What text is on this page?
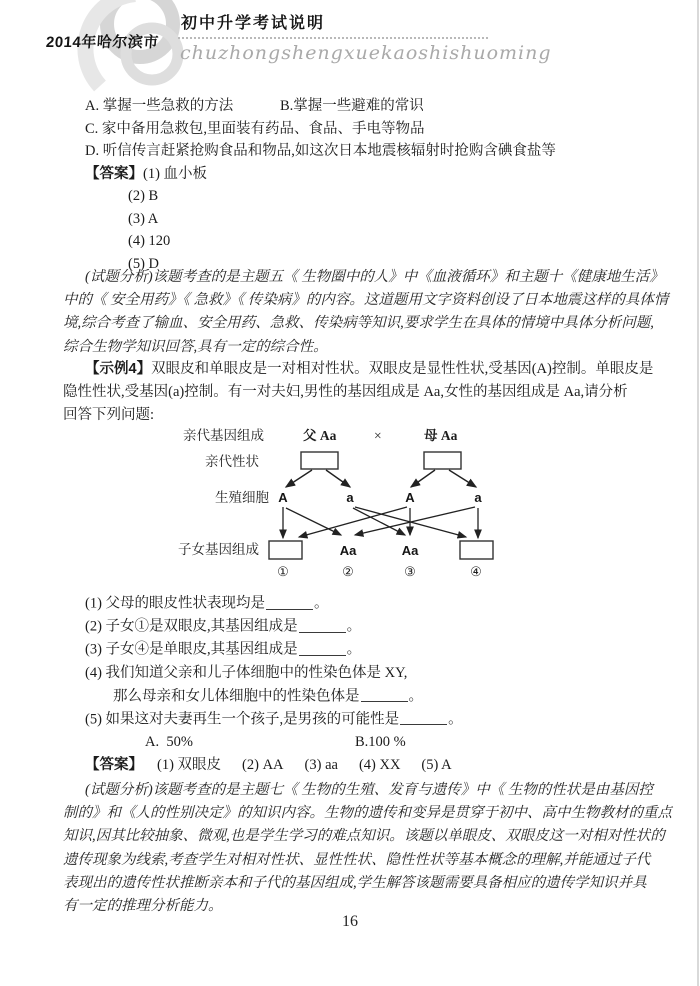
2014年哈尔滨市
初中升学考试说明
chuzhongshengxuekaoshishuoming
A. 掌握一些急救的方法	B.掌握一些避难的常识
C. 家中备用急救包,里面装有药品、食品、手电等物品
D. 听信传言赶紧抢购食品和物品,如这次日本地震核辐射时抢购含碘食盐等
【答案】(1) 血小板
(2) B
(3) A
(4) 120
(5) D
(试题分析)该题考查的是主题五《 生物圈中的人》中《血液循环》和主题十《健康地生活》
中的《 安全用药》《 急救》《 传染病》的内容。这道题用文字资料创设了日本地震这样的具体情
境,综合考查了输血、安全用药、急救、传染病等知识,要求学生在具体的情境中具体分析问题,
综合生物学知识回答,具有一定的综合性。
【示例4】双眼皮和单眼皮是一对相对性状。双眼皮是显性性状,受基因(A)控制。单眼皮是
隐性性状,受基因(a)控制。有一对夫妇,男性的基因组成是 Aa,女性的基因组成是 Aa,请分析
回答下列问题:
亲代基因组成	父 Aa	×	母 Aa
亲代性状
生殖细胞
子女基因组成
A	a	A	a
Aa	Aa
①	②	③	④
(1) 父母的眼皮性状表现均是	。
(2) 子女①是双眼皮,其基因组成是	。
(3) 子女④是单眼皮,其基因组成是	。
(4) 我们知道父亲和儿子体细胞中的性染色体是 XY,
那么母亲和女儿体细胞中的性染色体是	。
(5) 如果这对夫妻再生一个孩子,是男孩的可能性是	。
A.  50%	B.100 %
【答案】 (1) 双眼皮 (2) AA (3) aa (4) XX (5) A
(试题分析)该题考查的是主题七《 生物的生殖、发育与遗传》中《 生物的性状是由基因控
制的》和《人的性别决定》的知识内容。生物的遗传和变异是贯穿于初中、高中生物教材的重点
知识,因其比较抽象、微观,也是学生学习的难点知识。该题以单眼皮、双眼皮这一对相对性状的
遗传现象为线索,考查学生对相对性状、显性性状、隐性性状等基本概念的理解,并能通过子代
表现出的遗传性状推断亲本和子代的基因组成,学生解答该题需要具备相应的遗传学知识并具
有一定的推理分析能力。
16
